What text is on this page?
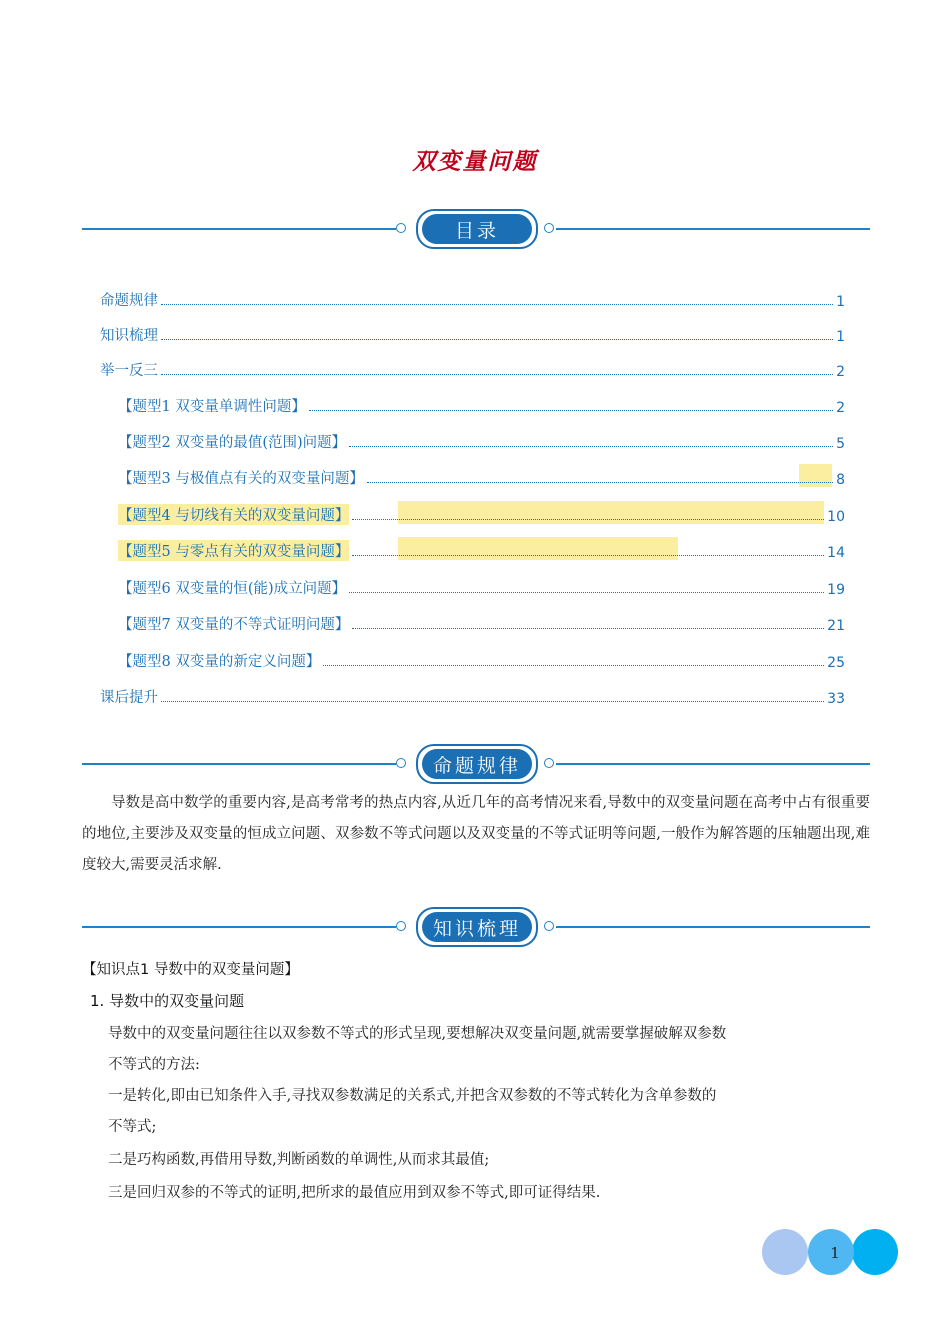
双变量问题
目录
命题规律	1
知识梳理	1
举一反三	2
【题型1 双变量单调性问题】	2
【题型2 双变量的最值(范围)问题】	5
【题型3 与极值点有关的双变量问题】	8
【题型4 与切线有关的双变量问题】	10
【题型5 与零点有关的双变量问题】	14
【题型6 双变量的恒(能)成立问题】	19
【题型7 双变量的不等式证明问题】	21
【题型8 双变量的新定义问题】	25
课后提升	33
命题规律
导数是高中数学的重要内容,是高考常考的热点内容,从近几年的高考情况来看,导数中的双变量问题在高考中占有很重要的地位,主要涉及双变量的恒成立问题、双参数不等式问题以及双变量的不等式证明等问题,一般作为解答题的压轴题出现,难度较大,需要灵活求解.
知识梳理
【知识点1 导数中的双变量问题】
1. 导数中的双变量问题
导数中的双变量问题往往以双参数不等式的形式呈现,要想解决双变量问题,就需要掌握破解双参数
不等式的方法:
一是转化,即由已知条件入手,寻找双参数满足的关系式,并把含双参数的不等式转化为含单参数的
不等式;
二是巧构函数,再借用导数,判断函数的单调性,从而求其最值;
三是回归双参的不等式的证明,把所求的最值应用到双参不等式,即可证得结果.
1
